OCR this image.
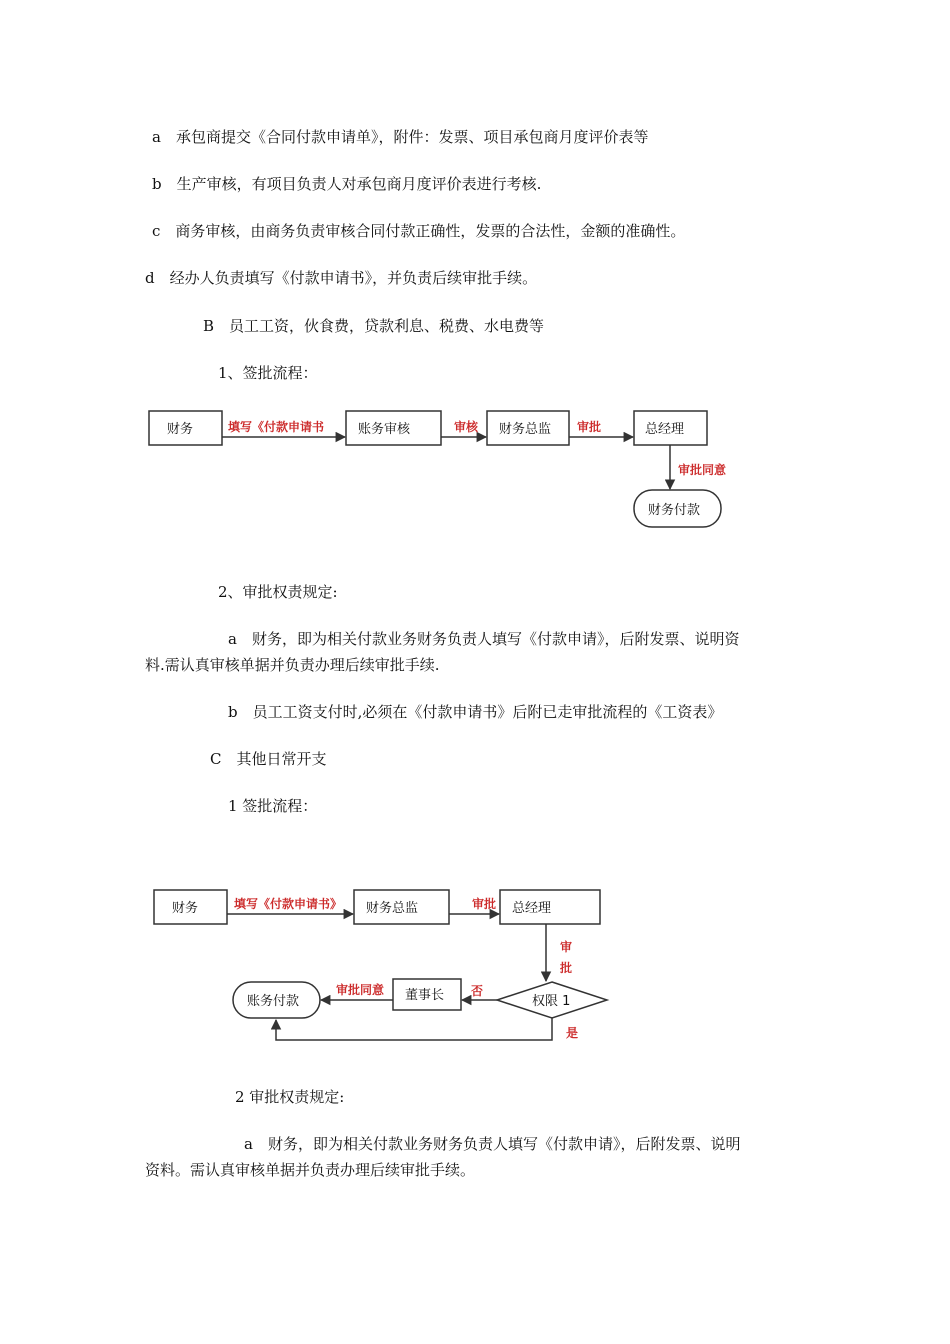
a　承包商提交《合同付款申请单》，附件：发票、项目承包商月度评价表等
b　生产审核，有项目负责人对承包商月度评价表进行考核.
c　商务审核，由商务负责审核合同付款正确性，发票的合法性，金额的准确性。
d　经办人负责填写《付款申请书》，并负责后续审批手续。
B　员工工资，伙食费，贷款利息、税费、水电费等
1、签批流程：
财务	填写《付款申请书	账务审核	审核 财务总监 审批	总经理
审批同意
财务付款
2、审批权责规定:
a　财务，即为相关付款业务财务负责人填写《付款申请》，后附发票、说明资
料.需认真审核单据并负责办理后续审批手续.
b　员工工资支付时,必须在《付款申请书》后附已走审批流程的《工资表》
C　其他日常开支
1 签批流程：
财务	填写《付款申请书》 财务总监	审批 总经理
审
批
权限 1
否
董事长
审批同意
账务付款
是
2 审批权责规定:
a　财务，即为相关付款业务财务负责人填写《付款申请》，后附发票、说明
资料。需认真审核单据并负责办理后续审批手续。
